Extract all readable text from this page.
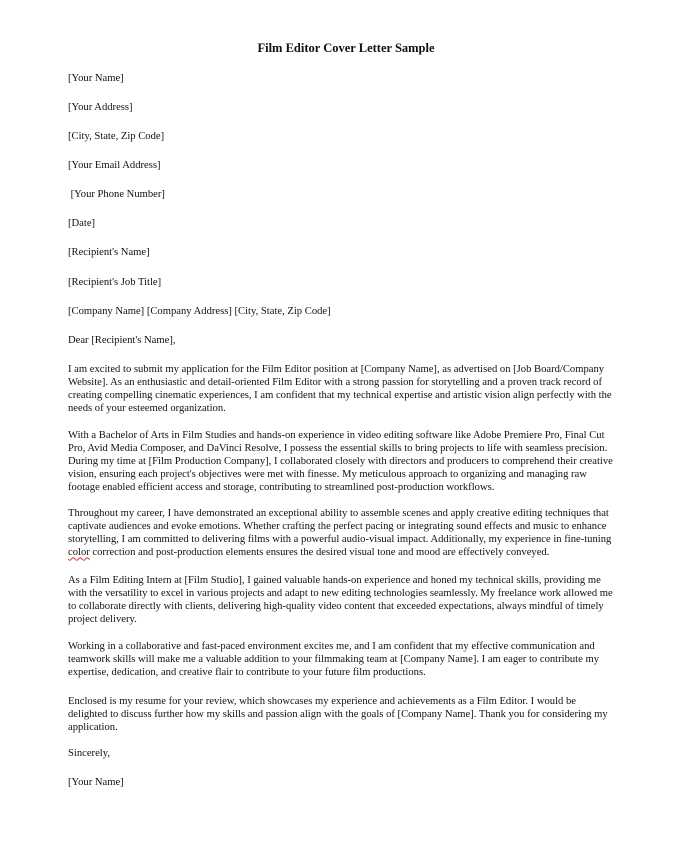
Film Editor Cover Letter Sample
[Your Name]
[Your Address]
[City, State, Zip Code]
[Your Email Address]
[Your Phone Number]
[Date]
[Recipient's Name]
[Recipient's Job Title]
[Company Name] [Company Address] [City, State, Zip Code]
Dear [Recipient's Name],
I am excited to submit my application for the Film Editor position at [Company Name], as advertised on [Job Board/Company
Website]. As an enthusiastic and detail-oriented Film Editor with a strong passion for storytelling and a proven track record of
creating compelling cinematic experiences, I am confident that my technical expertise and artistic vision align perfectly with the
needs of your esteemed organization.
With a Bachelor of Arts in Film Studies and hands-on experience in video editing software like Adobe Premiere Pro, Final Cut
Pro, Avid Media Composer, and DaVinci Resolve, I possess the essential skills to bring projects to life with seamless precision.
During my time at [Film Production Company], I collaborated closely with directors and producers to comprehend their creative
vision, ensuring each project's objectives were met with finesse. My meticulous approach to organizing and managing raw
footage enabled efficient access and storage, contributing to streamlined post-production workflows.
Throughout my career, I have demonstrated an exceptional ability to assemble scenes and apply creative editing techniques that
captivate audiences and evoke emotions. Whether crafting the perfect pacing or integrating sound effects and music to enhance
storytelling, I am committed to delivering films with a powerful audio-visual impact. Additionally, my experience in fine-tuning
color correction and post-production elements ensures the desired visual tone and mood are effectively conveyed.
As a Film Editing Intern at [Film Studio], I gained valuable hands-on experience and honed my technical skills, providing me
with the versatility to excel in various projects and adapt to new editing technologies seamlessly. My freelance work allowed me
to collaborate directly with clients, delivering high-quality video content that exceeded expectations, always mindful of timely
project delivery.
Working in a collaborative and fast-paced environment excites me, and I am confident that my effective communication and
teamwork skills will make me a valuable addition to your filmmaking team at [Company Name]. I am eager to contribute my
expertise, dedication, and creative flair to contribute to your future film productions.
Enclosed is my resume for your review, which showcases my experience and achievements as a Film Editor. I would be
delighted to discuss further how my skills and passion align with the goals of [Company Name]. Thank you for considering my
application.
Sincerely,
[Your Name]
